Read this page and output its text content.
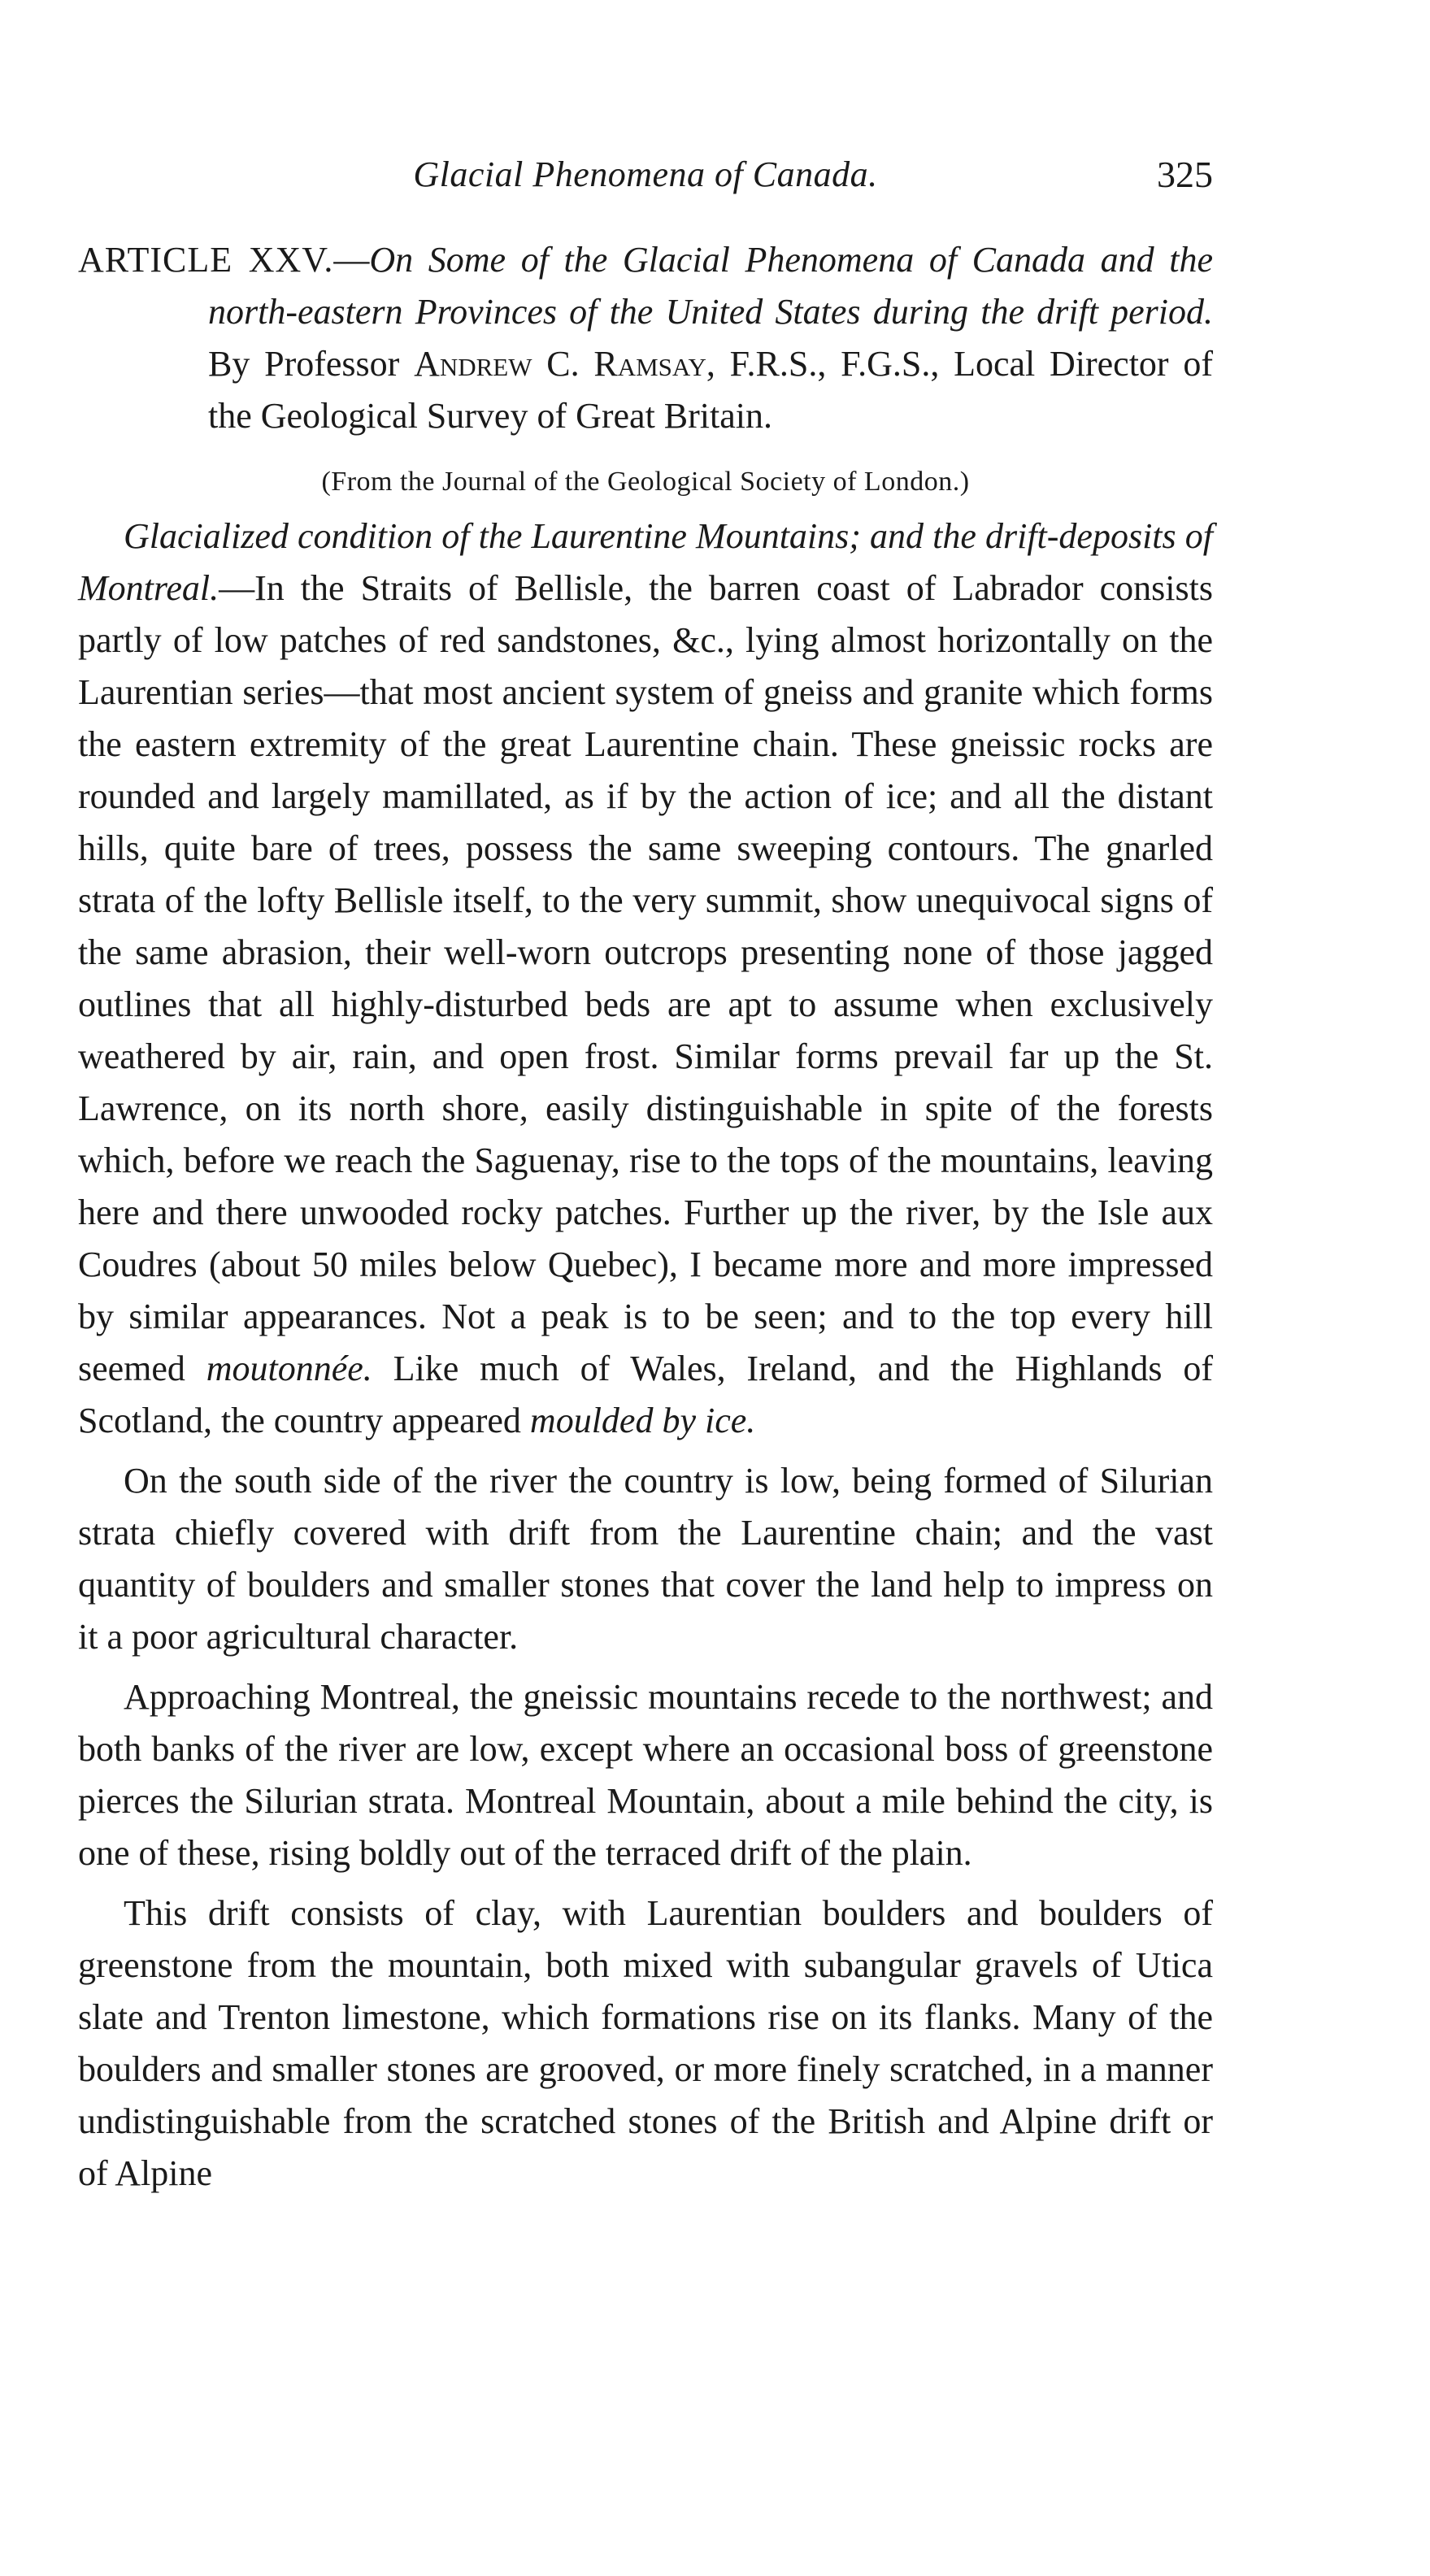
Glacial Phenomena of Canada.	325
ARTICLE XXV.—On Some of the Glacial Phenomena of Canada and the north-eastern Provinces of the United States during the drift period. By Professor Andrew C. Ramsay, F.R.S., F.G.S., Local Director of the Geological Survey of Great Britain.
(From the Journal of the Geological Society of London.)

Glacialized condition of the Laurentine Mountains; and the drift-deposits of Montreal.—In the Straits of Bellisle, the barren coast of Labrador consists partly of low patches of red sandstones, &c., lying almost horizontally on the Laurentian series—that most ancient system of gneiss and granite which forms the eastern extremity of the great Laurentine chain. These gneissic rocks are rounded and largely mamillated, as if by the action of ice; and all the distant hills, quite bare of trees, possess the same sweeping contours. The gnarled strata of the lofty Bellisle itself, to the very summit, show unequivocal signs of the same abrasion, their well-worn outcrops presenting none of those jagged outlines that all highly-disturbed beds are apt to assume when exclusively weathered by air, rain, and open frost. Similar forms prevail far up the St. Lawrence, on its north shore, easily distinguishable in spite of the forests which, before we reach the Saguenay, rise to the tops of the mountains, leaving here and there unwooded rocky patches. Further up the river, by the Isle aux Coudres (about 50 miles below Quebec), I became more and more impressed by similar appearances. Not a peak is to be seen; and to the top every hill seemed moutonnée. Like much of Wales, Ireland, and the Highlands of Scotland, the country appeared moulded by ice.

On the south side of the river the country is low, being formed of Silurian strata chiefly covered with drift from the Laurentine chain; and the vast quantity of boulders and smaller stones that cover the land help to impress on it a poor agricultural character.

Approaching Montreal, the gneissic mountains recede to the northwest; and both banks of the river are low, except where an occasional boss of greenstone pierces the Silurian strata. Montreal Mountain, about a mile behind the city, is one of these, rising boldly out of the terraced drift of the plain.

This drift consists of clay, with Laurentian boulders and boulders of greenstone from the mountain, both mixed with subangular gravels of Utica slate and Trenton limestone, which formations rise on its flanks. Many of the boulders and smaller stones are grooved, or more finely scratched, in a manner undistinguishable from the scratched stones of the British and Alpine drift or of Alpine
